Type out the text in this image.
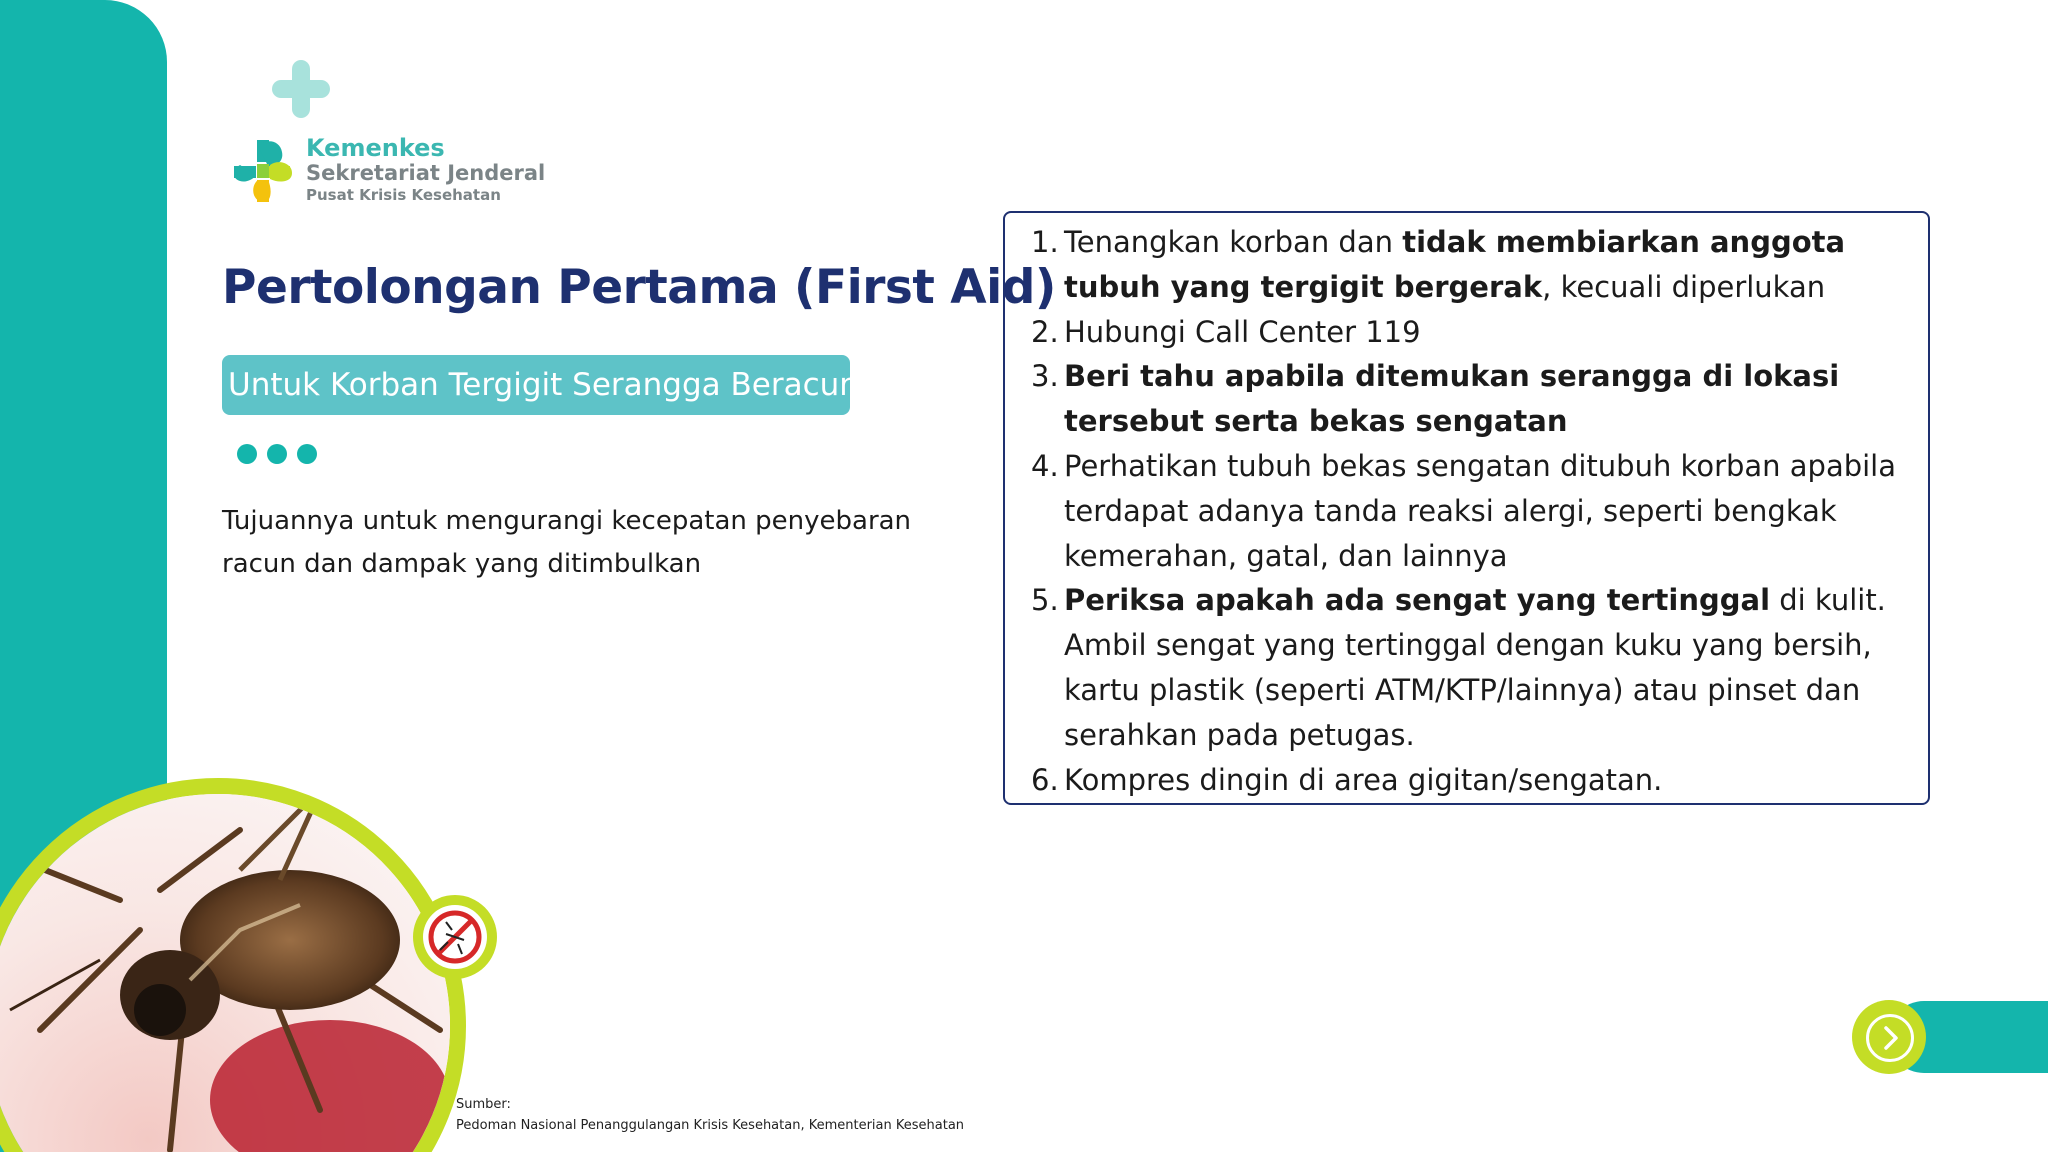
Kemenkes
Sekretariat Jenderal
Pusat Krisis Kesehatan
Pertolongan Pertama (First Aid)
Untuk Korban Tergigit Serangga Beracun

Tujuannya untuk mengurangi kecepatan penyebaran racun dan dampak yang ditimbulkan

1. Tenangkan korban dan tidak membiarkan anggota tubuh yang tergigit bergerak, kecuali diperlukan
2. Hubungi Call Center 119
3. Beri tahu apabila ditemukan serangga di lokasi tersebut serta bekas sengatan
4. Perhatikan tubuh bekas sengatan ditubuh korban apabila terdapat adanya tanda reaksi alergi, seperti bengkak kemerahan, gatal, dan lainnya
5. Periksa apakah ada sengat yang tertinggal di kulit. Ambil sengat yang tertinggal dengan kuku yang bersih, kartu plastik (seperti ATM/KTP/lainnya) atau pinset dan serahkan pada petugas.
6. Kompres dingin di area gigitan/sengatan.
Sumber:
Pedoman Nasional Penanggulangan Krisis Kesehatan, Kementerian Kesehatan
